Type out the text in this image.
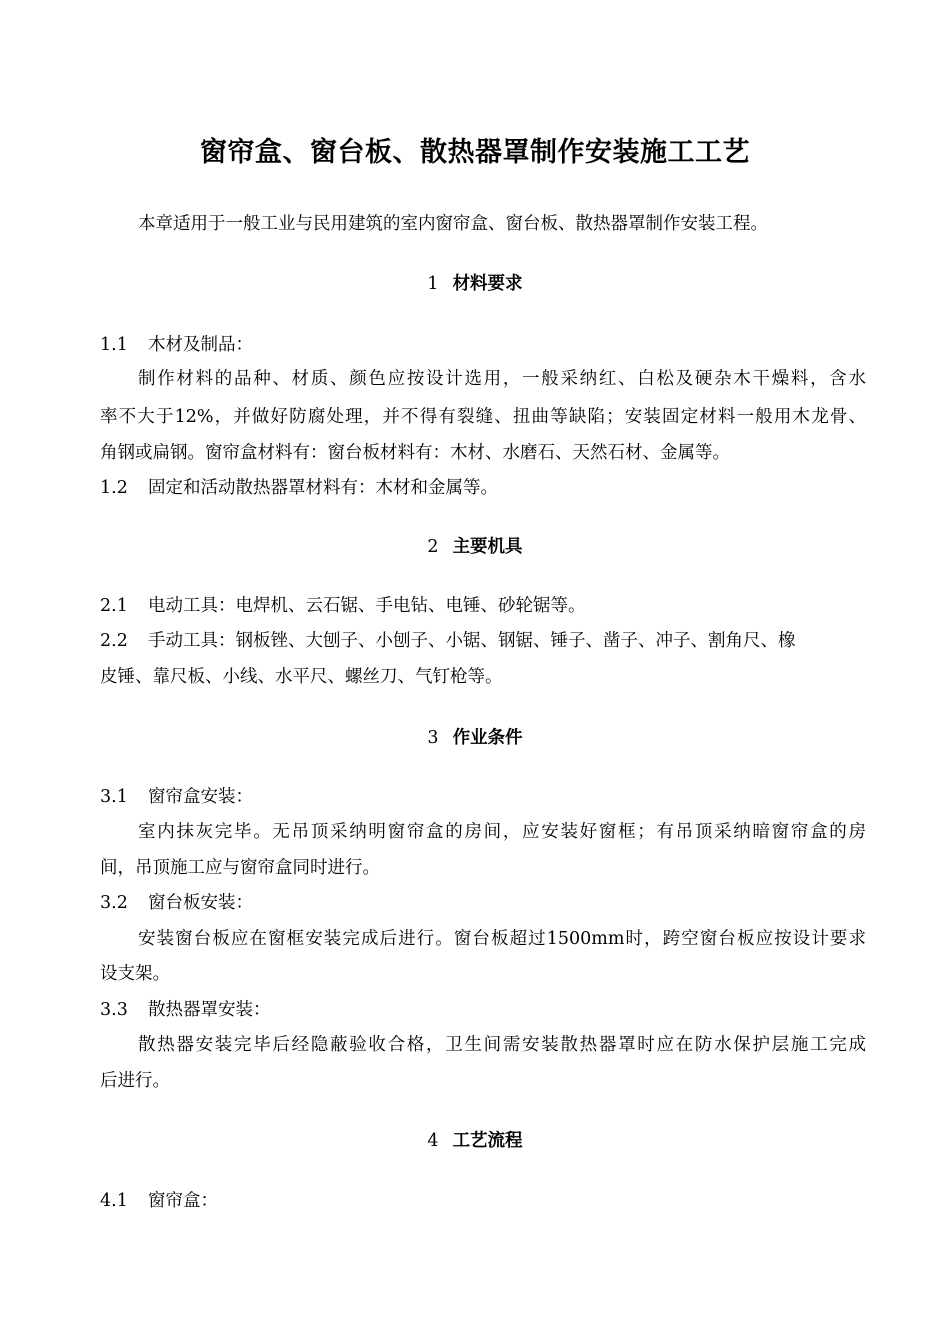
窗帘盒、窗台板、散热器罩制作安装施工工艺
本章适用于一般工业与民用建筑的室内窗帘盒、窗台板、散热器罩制作安装工程。
1 材料要求
1.1 木材及制品：
制作材料的品种、材质、颜色应按设计选用，一般采纳红、白松及硬杂木干燥料，含水
率不大于12%，并做好防腐处理，并不得有裂缝、扭曲等缺陷；安装固定材料一般用木龙骨、
角钢或扁钢。窗帘盒材料有：窗台板材料有：木材、水磨石、天然石材、金属等。
1.2 固定和活动散热器罩材料有：木材和金属等。
2 主要机具
2.1 电动工具：电焊机、云石锯、手电钻、电锤、砂轮锯等。
2.2 手动工具：钢板锉、大刨子、小刨子、小锯、钢锯、锤子、凿子、冲子、割角尺、橡
皮锤、靠尺板、小线、水平尺、螺丝刀、气钉枪等。
3 作业条件
3.1 窗帘盒安装：
室内抹灰完毕。无吊顶采纳明窗帘盒的房间，应安装好窗框；有吊顶采纳暗窗帘盒的房
间，吊顶施工应与窗帘盒同时进行。
3.2 窗台板安装：
安装窗台板应在窗框安装完成后进行。窗台板超过1500mm时，跨空窗台板应按设计要求
设支架。
3.3 散热器罩安装：
散热器安装完毕后经隐蔽验收合格，卫生间需安装散热器罩时应在防水保护层施工完成
后进行。
4 工艺流程
4.1 窗帘盒：
